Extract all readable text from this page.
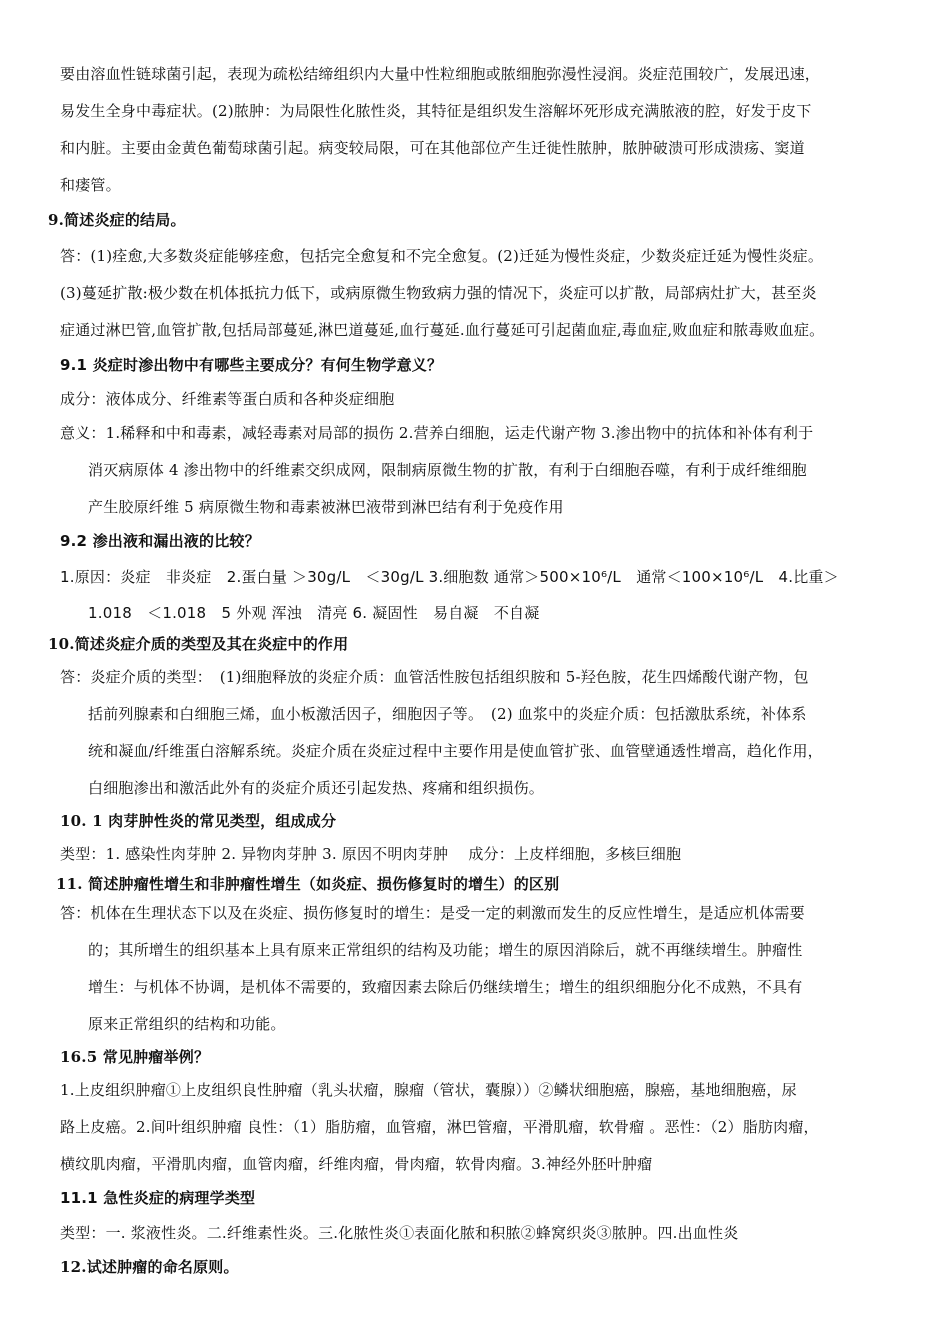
要由溶血性链球菌引起，表现为疏松结缔组织内大量中性粒细胞或脓细胞弥漫性浸润。炎症范围较广，发展迅速，
易发生全身中毒症状。(2)脓肿：为局限性化脓性炎，其特征是组织发生溶解坏死形成充满脓液的腔，好发于皮下
和内脏。主要由金黄色葡萄球菌引起。病变较局限，可在其他部位产生迁徙性脓肿，脓肿破溃可形成溃疡、窦道
和瘘管。
9.简述炎症的结局。
答：(1)痊愈,大多数炎症能够痊愈，包括完全愈复和不完全愈复。(2)迁延为慢性炎症，少数炎症迁延为慢性炎症。
(3)蔓延扩散:极少数在机体抵抗力低下，或病原微生物致病力强的情况下，炎症可以扩散，局部病灶扩大，甚至炎
症通过淋巴管,血管扩散,包括局部蔓延,淋巴道蔓延,血行蔓延.血行蔓延可引起菌血症,毒血症,败血症和脓毒败血症。
9.1 炎症时渗出物中有哪些主要成分？有何生物学意义？
成分：液体成分、纤维素等蛋白质和各种炎症细胞
意义：1.稀释和中和毒素，减轻毒素对局部的损伤 2.营养白细胞，运走代谢产物 3.渗出物中的抗体和补体有利于
消灭病原体 4 渗出物中的纤维素交织成网，限制病原微生物的扩散，有利于白细胞吞噬，有利于成纤维细胞
产生胶原纤维 5 病原微生物和毒素被淋巴液带到淋巴结有利于免疫作用
9.2 渗出液和漏出液的比较？
1.原因：炎症　非炎症　2.蛋白量 ＞30g/L　＜30g/L 3.细胞数 通常＞500×10⁶/L　通常＜100×10⁶/L　4.比重＞
1.018　＜1.018　5 外观 浑浊　清亮 6. 凝固性　易自凝　不自凝
10.简述炎症介质的类型及其在炎症中的作用
答：炎症介质的类型：　(1)细胞释放的炎症介质：血管活性胺包括组织胺和 5-羟色胺，花生四烯酸代谢产物，包
括前列腺素和白细胞三烯，血小板激活因子，细胞因子等。　(2) 血浆中的炎症介质：包括激肽系统，补体系
统和凝血/纤维蛋白溶解系统。炎症介质在炎症过程中主要作用是使血管扩张、血管壁通透性增高，趋化作用，
白细胞渗出和激活此外有的炎症介质还引起发热、疼痛和组织损伤。
10. 1 肉芽肿性炎的常见类型，组成成分
类型：1. 感染性肉芽肿 2. 异物肉芽肿 3. 原因不明肉芽肿　 成分：上皮样细胞，多核巨细胞
11. 简述肿瘤性增生和非肿瘤性增生（如炎症、损伤修复时的增生）的区别
答：机体在生理状态下以及在炎症、损伤修复时的增生：是受一定的刺激而发生的反应性增生，是适应机体需要
的；其所增生的组织基本上具有原来正常组织的结构及功能；增生的原因消除后，就不再继续增生。肿瘤性
增生：与机体不协调，是机体不需要的，致瘤因素去除后仍继续增生；增生的组织细胞分化不成熟，不具有
原来正常组织的结构和功能。
16.5 常见肿瘤举例？
1.上皮组织肿瘤①上皮组织良性肿瘤（乳头状瘤，腺瘤（管状，囊腺））②鳞状细胞癌，腺癌，基地细胞癌，尿
路上皮癌。2.间叶组织肿瘤 良性：（1）脂肪瘤，血管瘤，淋巴管瘤，平滑肌瘤，软骨瘤 。恶性：（2）脂肪肉瘤，
横纹肌肉瘤，平滑肌肉瘤，血管肉瘤，纤维肉瘤，骨肉瘤，软骨肉瘤。3.神经外胚叶肿瘤
11.1 急性炎症的病理学类型
类型：一. 浆液性炎。二.纤维素性炎。三.化脓性炎①表面化脓和积脓②蜂窝织炎③脓肿。四.出血性炎
12.试述肿瘤的命名原则。
